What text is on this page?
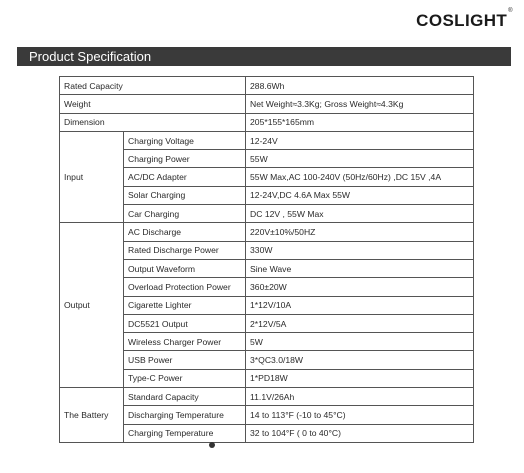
COSLIGHT®
Product Specification
Rated Capacity		288.6Wh
Weight		Net Weight≈3.3Kg; Gross Weight≈4.3Kg
Dimension		205*155*165mm
Input	Charging Voltage	12-24V
	Charging Power	55W
	AC/DC Adapter	55W Max,AC 100-240V (50Hz/60Hz) ,DC 15V ,4A
	Solar Charging	12-24V,DC 4.6A Max 55W
	Car Charging	DC 12V , 55W Max
Output	AC Discharge	220V±10%/50HZ
	Rated Discharge Power	330W
	Output Waveform	Sine Wave
	Overload Protection Power	360±20W
	Cigarette Lighter	1*12V/10A
	DC5521 Output	2*12V/5A
	Wireless Charger Power	5W
	USB Power	3*QC3.0/18W
	Type-C Power	1*PD18W
The Battery	Standard Capacity	11.1V/26Ah
	Discharging Temperature	14 to 113°F (-10 to 45°C)
	Charging Temperature	32 to 104°F ( 0 to 40°C)
